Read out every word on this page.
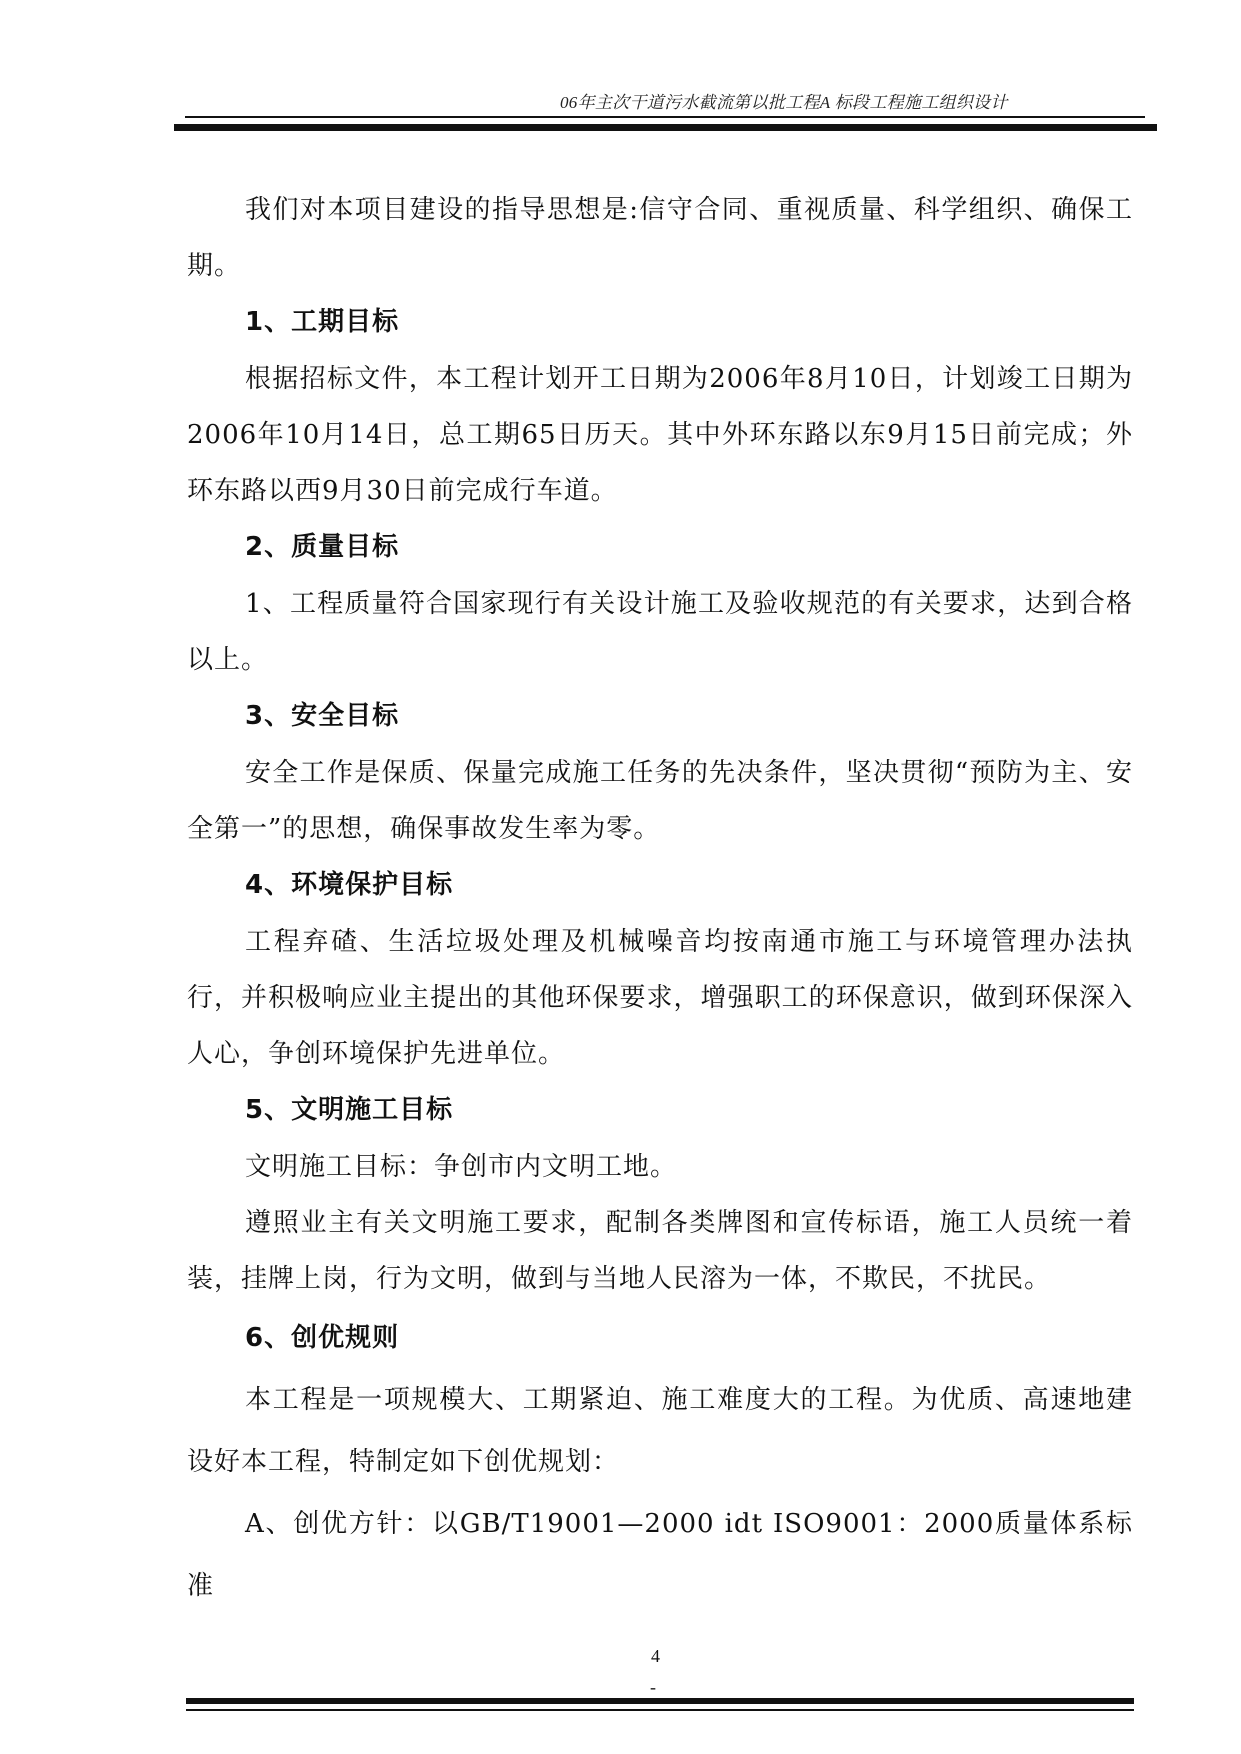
06年主次干道污水截流第以批工程A 标段工程施工组织设计

我们对本项目建设的指导思想是:信守合同、重视质量、科学组织、确保工期。

1、工期目标

根据招标文件，本工程计划开工日期为2006年8月10日，计划竣工日期为2006年10月14日，总工期65日历天。其中外环东路以东9月15日前完成；外环东路以西9月30日前完成行车道。

2、质量目标

1、工程质量符合国家现行有关设计施工及验收规范的有关要求，达到合格以上。

3、安全目标

安全工作是保质、保量完成施工任务的先决条件，坚决贯彻“预防为主、安全第一”的思想，确保事故发生率为零。

4、环境保护目标

工程弃碴、生活垃圾处理及机械噪音均按南通市施工与环境管理办法执行，并积极响应业主提出的其他环保要求，增强职工的环保意识，做到环保深入人心，争创环境保护先进单位。

5、文明施工目标

文明施工目标：争创市内文明工地。

遵照业主有关文明施工要求，配制各类牌图和宣传标语，施工人员统一着装，挂牌上岗，行为文明，做到与当地人民溶为一体，不欺民，不扰民。

6、创优规则

本工程是一项规模大、工期紧迫、施工难度大的工程。为优质、高速地建设好本工程，特制定如下创优规划：

A、创优方针：以GB/T19001—2000 idt ISO9001：2000质量体系标准

4
-
